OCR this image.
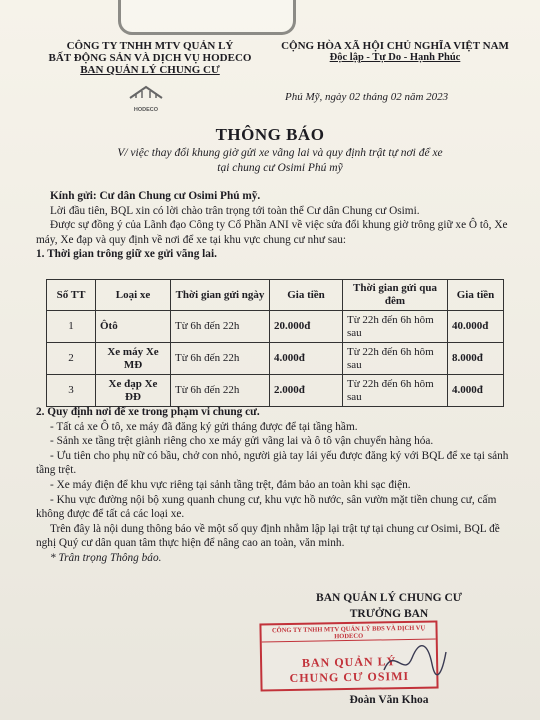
CÔNG TY TNHH MTV QUẢN LÝ
BẤT ĐỘNG SẢN VÀ DỊCH VỤ HODECO
BAN QUẢN LÝ CHUNG CƯ
HODECO
CỘNG HÒA XÃ HỘI CHỦ NGHĨA VIỆT NAM
Độc lập - Tự Do - Hạnh Phúc
Phú Mỹ, ngày 02 tháng 02 năm 2023
THÔNG BÁO
V/ việc thay đổi khung giờ gửi xe vãng lai và quy định trật tự nơi để xe
tại chung cư Osimi Phú mỹ

Kính gửi: Cư dân Chung cư Osimi Phú mỹ.

Lời đầu tiên, BQL xin có lời chào trân trọng tới toàn thể Cư dân Chung cư Osimi.

Được sự đồng ý của Lãnh đạo Công ty Cổ Phần ANI về việc sửa đổi khung giờ trông giữ xe Ô tô, Xe máy, Xe đạp và quy định về nơi để xe tại khu vực chung cư như sau:

1. Thời gian trông giữ xe gửi vãng lai.

Số TT	Loại xe	Thời gian gửi ngày	Gia tiền	Thời gian gửi qua đêm	Gia tiền
1	Ôtô	Từ 6h đến 22h	20.000đ	Từ 22h đến 6h hôm sau	40.000đ
2	Xe máy Xe MĐ	Từ 6h đến 22h	4.000đ	Từ 22h đến 6h hôm sau	8.000đ
3	Xe đạp Xe ĐĐ	Từ 6h đến 22h	2.000đ	Từ 22h đến 6h hôm sau	4.000đ

2. Quy định nơi để xe trong phạm vi chung cư.

- Tất cả xe Ô tô, xe máy đã đăng ký gửi tháng được để tại tầng hầm.

- Sảnh xe tầng trệt giành riêng cho xe máy gửi vãng lai và ô tô vận chuyển hàng hóa.

- Ưu tiên cho phụ nữ có bầu, chở con nhỏ, người già tay lái yếu được đăng ký với BQL để xe tại sảnh tầng trệt.

- Xe máy điện để khu vực riêng tại sảnh tầng trệt, đảm bảo an toàn khi sạc điện.

- Khu vực đường nội bộ xung quanh chung cư, khu vực hồ nước, sân vườn mặt tiền chung cư, cấm không được để tất cả các loại xe.

Trên đây là nội dung thông báo về một số quy định nhằm lập lại trật tự tại chung cư Osimi, BQL đề nghị Quý cư dân quan tâm thực hiện để nâng cao an toàn, văn minh.

* Trân trọng Thông báo.

BAN QUẢN LÝ CHUNG CƯ
TRƯỞNG BAN
CÔNG TY TNHH MTV QUẢN LÝ BĐS VÀ DỊCH VỤ HODECO
BAN QUẢN LÝ
CHUNG CƯ OSIMI
Đoàn Văn Khoa
